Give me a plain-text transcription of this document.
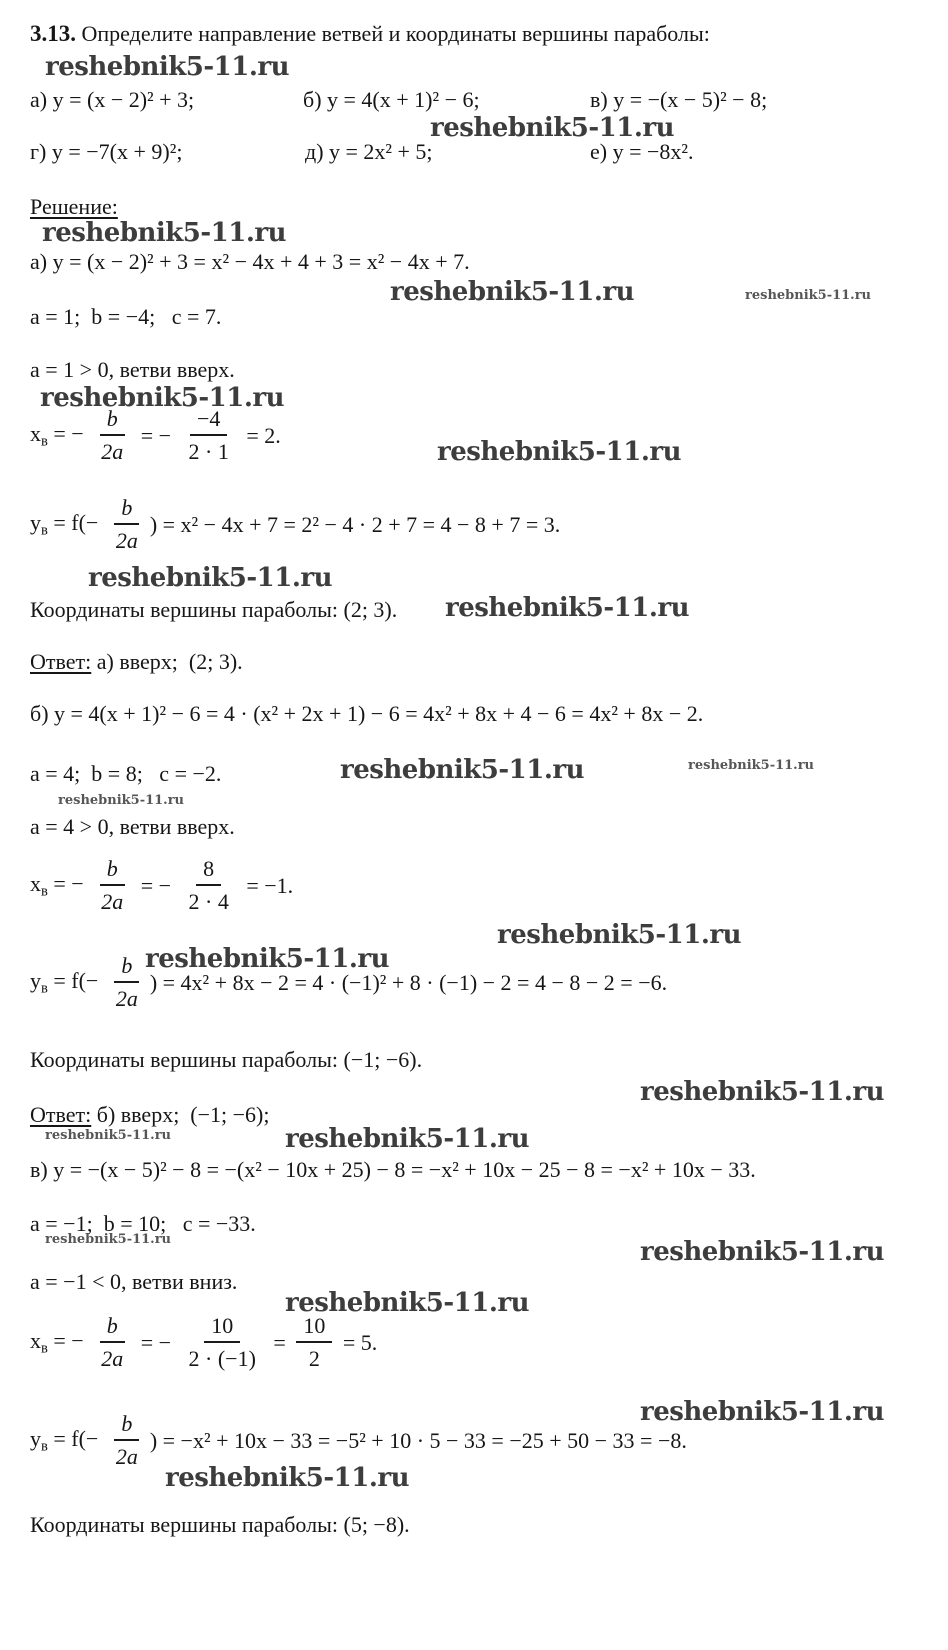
3.13. Определите направление ветвей и координаты вершины параболы:
а) y = (x − 2)² + 3;	б) y = 4(x + 1)² − 6;	в) y = −(x − 5)² − 8;
г) y = −7(x + 9)²;	д) y = 2x² + 5;	е) y = −8x².
Решение:
а) y = (x − 2)² + 3 = x² − 4x + 4 + 3 = x² − 4x + 7.
a = 1;  b = −4;   c = 7.
a = 1 > 0, ветви вверх.
$x_в$ = − $\frac{b}{2a}$ = − $\frac{-4}{2 \cdot 1} = 2$.
$y_в = f(- \frac{b}{2a}$ ) = x² − 4x + 7 = 2² − 4 · 2 + 7 = 4 − 8 + 7 = 3.
Координаты вершины параболы: (2; 3).
Ответ: а) вверх;  (2; 3).
б) y = 4(x + 1)² − 6 = 4 · (x² + 2x + 1) − 6 = 4x² + 8x + 4 − 6 = 4x² + 8x − 2.
a = 4;  b = 8;   c = −2.
a = 4 > 0, ветви вверх.
$x_в$ = − $\frac{b}{2a}$ = − $\frac{8}{2 \cdot 4} = -1$.
$y_в = f(- \frac{b}{2a}$ ) = 4x² + 8x − 2 = 4 · (−1)² + 8 · (−1) − 2 = 4 − 8 − 2 = −6.
Координаты вершины параболы: (−1; −6).
Ответ: б) вверх;  (−1; −6);
в) y = −(x − 5)² − 8 = −(x² − 10x + 25) − 8 = −x² + 10x − 25 − 8 = −x² + 10x − 33.
a = −1;  b = 10;   c = −33.
a = −1 < 0, ветви вниз.
$x_в$ = − $\frac{b}{2a}$ = − $\frac{10}{2 \cdot (-1)} = \frac{10}{2} = 5$.
$y_в = f(- \frac{b}{2a}$ ) = −x² + 10x − 33 = −5² + 10 · 5 − 33 = −25 + 50 − 33 = −8.
Координаты вершины параболы: (5; −8).
reshebnik5-11.ru
reshebnik5-11.ru
reshebnik5-11.ru
reshebnik5-11.ru	reshebnik5-11.ru
reshebnik5-11.ru
reshebnik5-11.ru
reshebnik5-11.ru
reshebnik5-11.ru
reshebnik5-11.ru	reshebnik5-11.ru
reshebnik5-11.ru
reshebnik5-11.ru
reshebnik5-11.ru
reshebnik5-11.ru
reshebnik5-11.ru	reshebnik5-11.ru
reshebnik5-11.ru	reshebnik5-11.ru
reshebnik5-11.ru
reshebnik5-11.ru
reshebnik5-11.ru
